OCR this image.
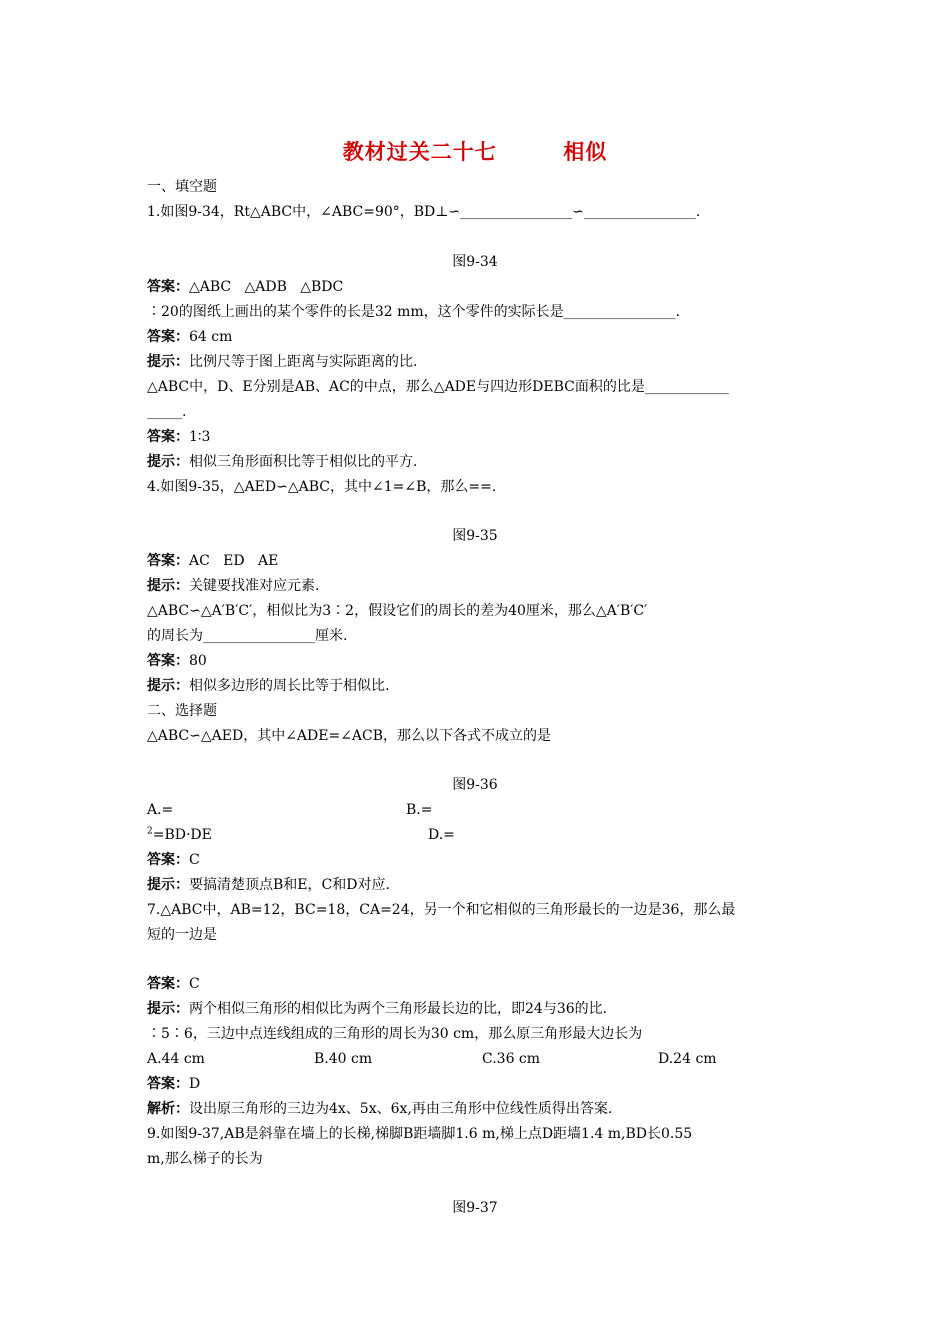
教材过关二十七        相似
一、填空题
1.如图9-34，Rt△ABC中，∠ABC=90°，BD⊥∽________________∽________________.
图9-34
答案：△ABC   △ADB   △BDC
∶20的图纸上画出的某个零件的长是32 mm，这个零件的实际长是________________.
答案：64 cm
提示：比例尺等于图上距离与实际距离的比.
△ABC中，D、E分别是AB、AC的中点，那么△ADE与四边形DEBC面积的比是____________
_____.
答案：1∶3
提示：相似三角形面积比等于相似比的平方.
4.如图9-35，△AED∽△ABC，其中∠1=∠B，那么==.
图9-35
答案：AC   ED   AE
提示：关键要找准对应元素.
△ABC∽△A′B′C′，相似比为3∶2，假设它们的周长的差为40厘米，那么△A′B′C′
的周长为________________厘米.
答案：80
提示：相似多边形的周长比等于相似比.
二、选择题
△ABC∽△AED，其中∠ADE=∠ACB，那么以下各式不成立的是
图9-36
A.=	B.=
$^2$=BD·DE	D.=
答案：C
提示：要搞清楚顶点B和E，C和D对应.
7.△ABC中，AB=12，BC=18，CA=24，另一个和它相似的三角形最长的一边是36，那么最
短的一边是
答案：C
提示：两个相似三角形的相似比为两个三角形最长边的比，即24与36的比.
∶5∶6，三边中点连线组成的三角形的周长为30 cm，那么原三角形最大边长为
A.44 cm	B.40 cm	C.36 cm	D.24 cm
答案：D
解析：设出原三角形的三边为4x、5x、6x,再由三角形中位线性质得出答案.
9.如图9-37,AB是斜靠在墙上的长梯,梯脚B距墙脚1.6 m,梯上点D距墙1.4 m,BD长0.55
m,那么梯子的长为
图9-37
